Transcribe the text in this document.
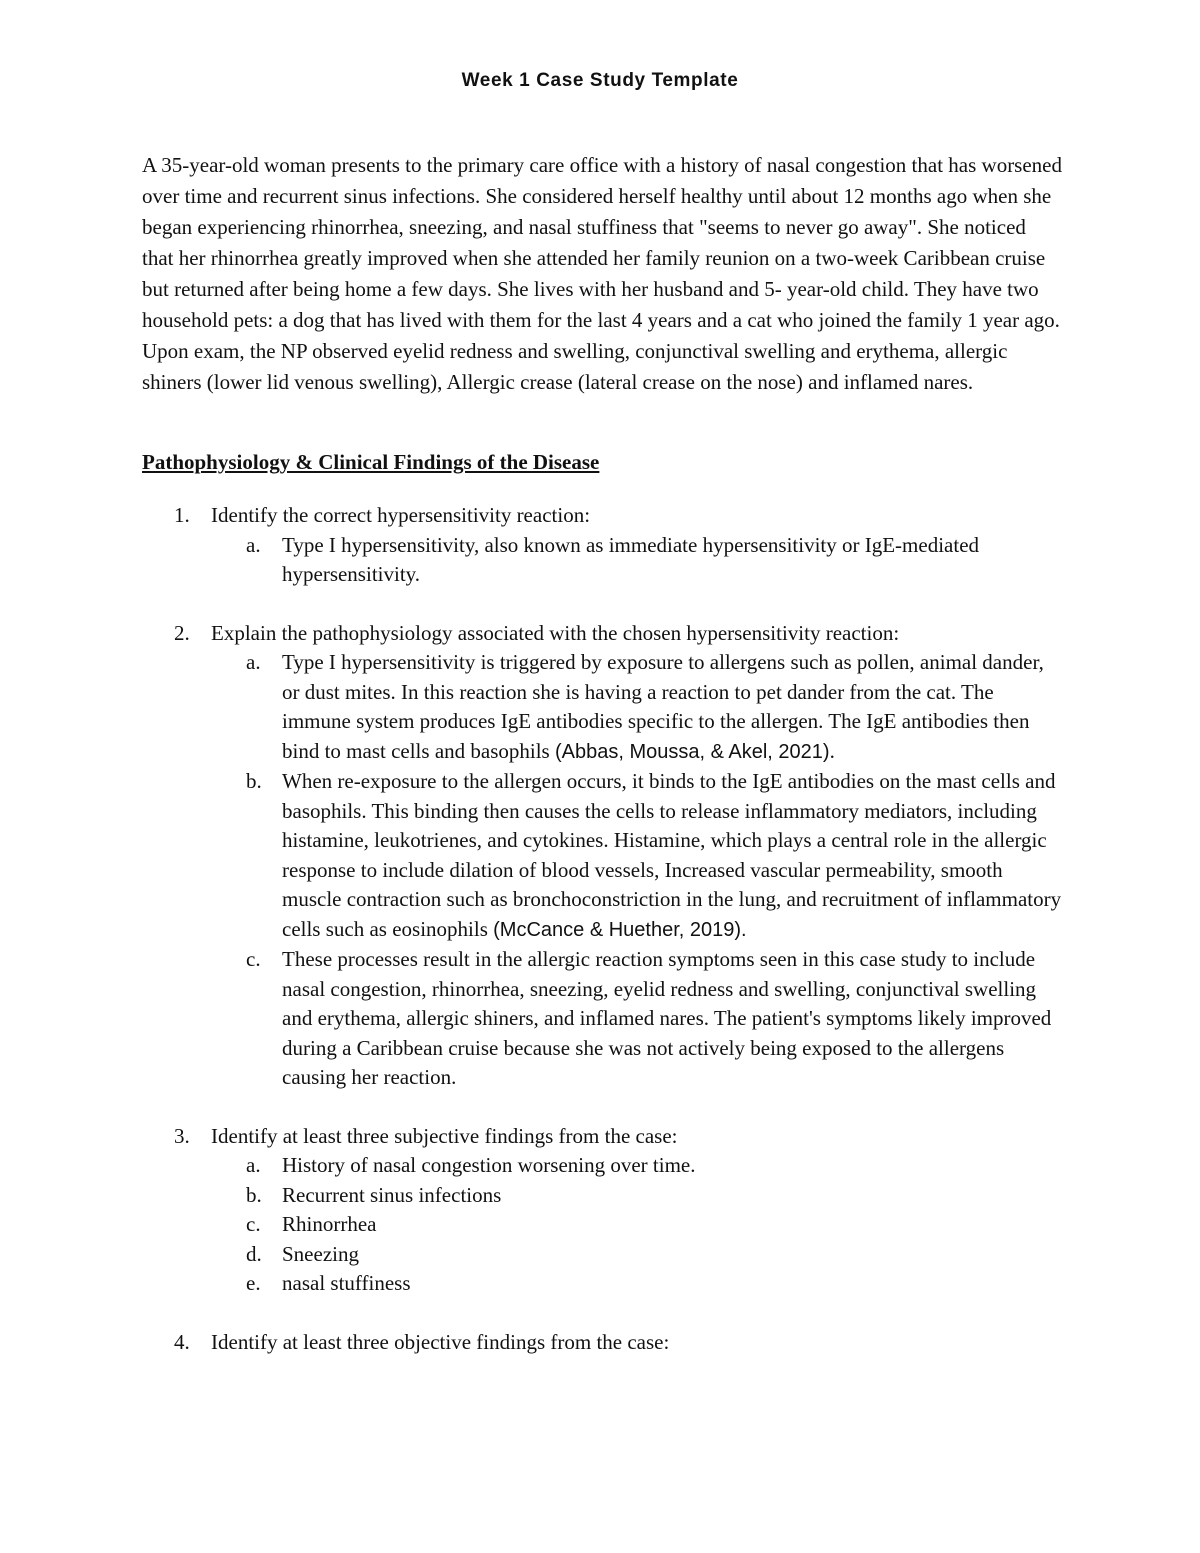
Week 1 Case Study Template
A 35-year-old woman presents to the primary care office with a history of nasal congestion that has worsened over time and recurrent sinus infections. She considered herself healthy until about 12 months ago when she began experiencing rhinorrhea, sneezing, and nasal stuffiness that "seems to never go away". She noticed that her rhinorrhea greatly improved when she attended her family reunion on a two-week Caribbean cruise but returned after being home a few days. She lives with her husband and 5- year-old child. They have two household pets: a dog that has lived with them for the last 4 years and a cat who joined the family 1 year ago. Upon exam, the NP observed eyelid redness and swelling, conjunctival swelling and erythema, allergic shiners (lower lid venous swelling), Allergic crease (lateral crease on the nose) and inflamed nares.
Pathophysiology & Clinical Findings of the Disease
1. Identify the correct hypersensitivity reaction:
a. Type I hypersensitivity, also known as immediate hypersensitivity or IgE-mediated hypersensitivity.
2. Explain the pathophysiology associated with the chosen hypersensitivity reaction:
a. Type I hypersensitivity is triggered by exposure to allergens such as pollen, animal dander, or dust mites. In this reaction she is having a reaction to pet dander from the cat. The immune system produces IgE antibodies specific to the allergen. The IgE antibodies then bind to mast cells and basophils (Abbas, Moussa, & Akel, 2021).
b. When re-exposure to the allergen occurs, it binds to the IgE antibodies on the mast cells and basophils. This binding then causes the cells to release inflammatory mediators, including histamine, leukotrienes, and cytokines. Histamine, which plays a central role in the allergic response to include dilation of blood vessels, Increased vascular permeability, smooth muscle contraction such as bronchoconstriction in the lung, and recruitment of inflammatory cells such as eosinophils (McCance & Huether, 2019).
c. These processes result in the allergic reaction symptoms seen in this case study to include nasal congestion, rhinorrhea, sneezing, eyelid redness and swelling, conjunctival swelling and erythema, allergic shiners, and inflamed nares. The patient's symptoms likely improved during a Caribbean cruise because she was not actively being exposed to the allergens causing her reaction.
3. Identify at least three subjective findings from the case:
a. History of nasal congestion worsening over time.
b. Recurrent sinus infections
c. Rhinorrhea
d. Sneezing
e. nasal stuffiness
4. Identify at least three objective findings from the case:
